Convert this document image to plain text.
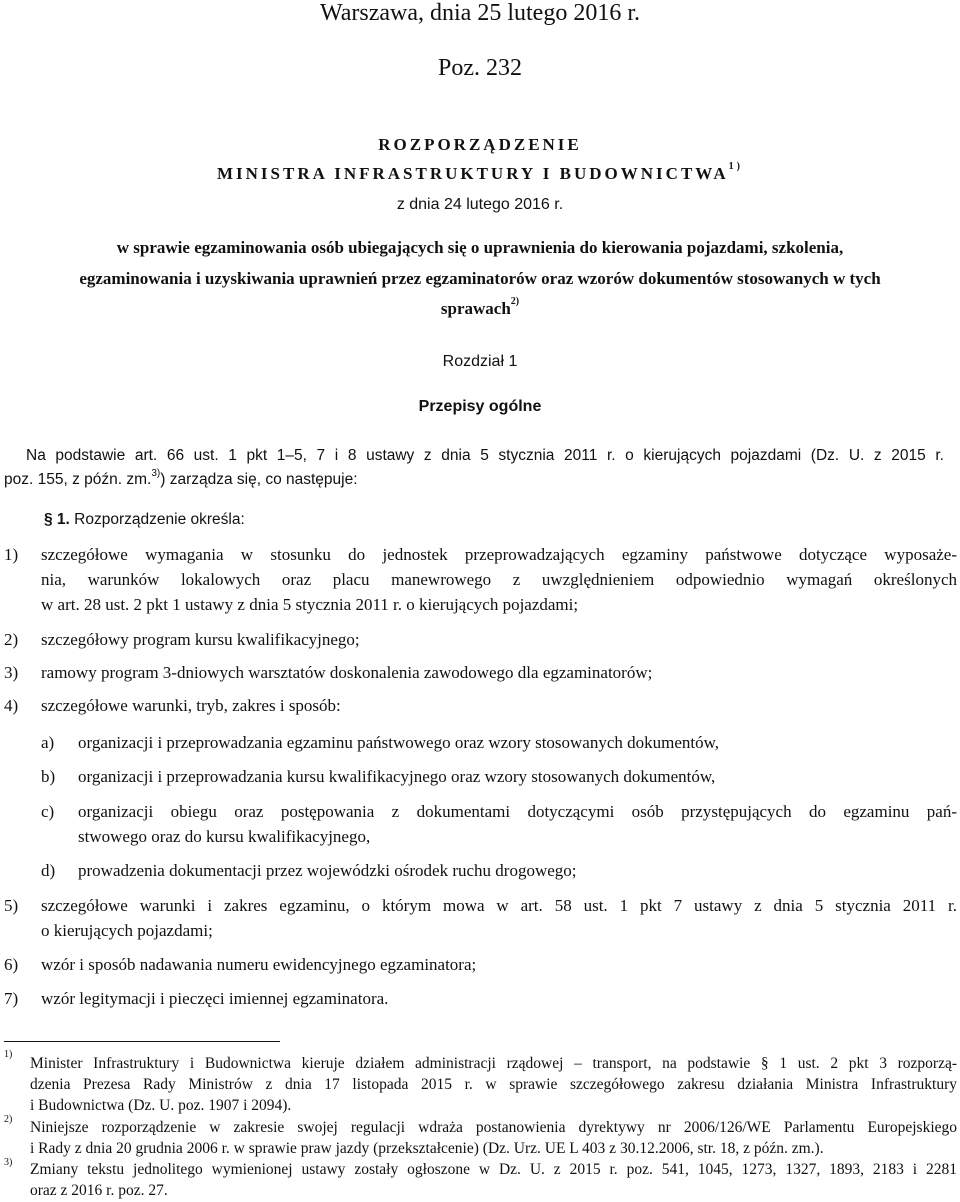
Warszawa, dnia 25 lutego 2016 r.
Poz. 232
ROZPORZĄDZENIE
MINISTRA INFRASTRUKTURY I BUDOWNICTWA$^{1)}$
z dnia 24 lutego 2016 r.
w sprawie egzaminowania osób ubiegających się o uprawnienia do kierowania pojazdami, szkolenia,
egzaminowania i uzyskiwania uprawnień przez egzaminatorów oraz wzorów dokumentów stosowanych w tych
sprawach$^{2)}$
Rozdział 1
Przepisy ogólne
Na podstawie art. 66 ust. 1 pkt 1–5, 7 i 8 ustawy z dnia 5 stycznia 2011 r. o kierujących pojazdami (Dz. U. z 2015 r.
poz. 155, z późn. zm.$^{3)}$) zarządza się, co następuje:
§ 1. Rozporządzenie określa:
1) szczegółowe wymagania w stosunku do jednostek przeprowadzających egzaminy państwowe dotyczące wyposaże-
nia, warunków lokalowych oraz placu manewrowego z uwzględnieniem odpowiednio wymagań określonych
w art. 28 ust. 2 pkt 1 ustawy z dnia 5 stycznia 2011 r. o kierujących pojazdami;
2) szczegółowy program kursu kwalifikacyjnego;
3) ramowy program 3-dniowych warsztatów doskonalenia zawodowego dla egzaminatorów;
4) szczegółowe warunki, tryb, zakres i sposób:
a) organizacji i przeprowadzania egzaminu państwowego oraz wzory stosowanych dokumentów,
b) organizacji i przeprowadzania kursu kwalifikacyjnego oraz wzory stosowanych dokumentów,
c) organizacji obiegu oraz postępowania z dokumentami dotyczącymi osób przystępujących do egzaminu pań-
stwowego oraz do kursu kwalifikacyjnego,
d) prowadzenia dokumentacji przez wojewódzki ośrodek ruchu drogowego;
5) szczegółowe warunki i zakres egzaminu, o którym mowa w art. 58 ust. 1 pkt 7 ustawy z dnia 5 stycznia 2011 r.
o kierujących pojazdami;
6) wzór i sposób nadawania numeru ewidencyjnego egzaminatora;
7) wzór legitymacji i pieczęci imiennej egzaminatora.
1)
Minister Infrastruktury i Budownictwa kieruje działem administracji rządowej – transport, na podstawie § 1 ust. 2 pkt 3 rozporzą-
dzenia Prezesa Rady Ministrów z dnia 17 listopada 2015 r. w sprawie szczegółowego zakresu działania Ministra Infrastruktury
i Budownictwa (Dz. U. poz. 1907 i 2094).
2) Niniejsze rozporządzenie w zakresie swojej regulacji wdraża postanowienia dyrektywy nr 2006/126/WE Parlamentu Europejskiego
i Rady z dnia 20 grudnia 2006 r. w sprawie praw jazdy (przekształcenie) (Dz. Urz. UE L 403 z 30.12.2006, str. 18, z późn. zm.).
3) Zmiany tekstu jednolitego wymienionej ustawy zostały ogłoszone w Dz. U. z 2015 r. poz. 541, 1045, 1273, 1327, 1893, 2183 i 2281
oraz z 2016 r. poz. 27.
